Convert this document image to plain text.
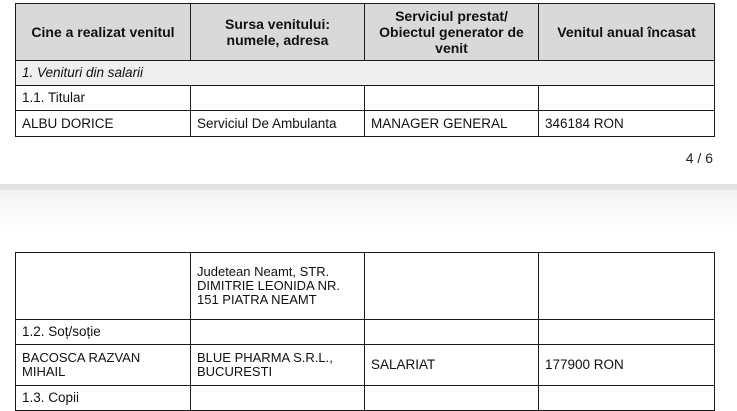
Cine a realizat venitul	Sursa venitului: numele, adresa	Serviciul prestat/ Obiectul generator de venit	Venitul anual încasat
1. Venituri din salarii			
1.1. Titular			
ALBU DORICE	Serviciul De Ambulanta	MANAGER GENERAL	346184 RON
4 / 6
	Judetean Neamt, STR. DIMITRIE LEONIDA NR. 151 PIATRA NEAMT		
1.2. Soț/soție			
BACOSCA RAZVAN MIHAIL	BLUE PHARMA S.R.L., BUCURESTI	SALARIAT	177900 RON
1.3. Copii			
